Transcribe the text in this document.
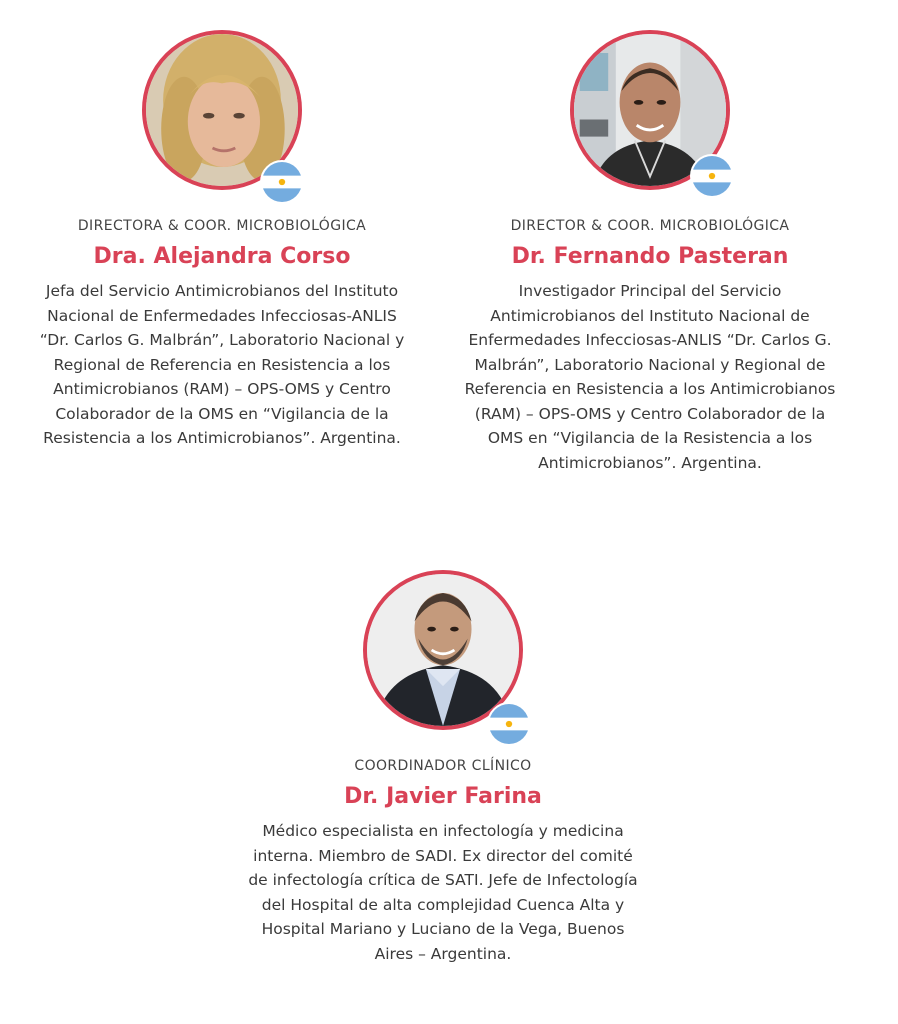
DIRECTORA & COOR. MICROBIOLÓGICA
Dra. Alejandra Corso
Jefa del Servicio Antimicrobianos del Instituto Nacional de Enfermedades Infecciosas-ANLIS “Dr. Carlos G. Malbrán”, Laboratorio Nacional y Regional de Referencia en Resistencia a los Antimicrobianos (RAM) – OPS-OMS y Centro Colaborador de la OMS en “Vigilancia de la Resistencia a los Antimicrobianos”. Argentina.
DIRECTOR & COOR. MICROBIOLÓGICA
Dr. Fernando Pasteran
Investigador Principal del Servicio Antimicrobianos del Instituto Nacional de Enfermedades Infecciosas-ANLIS “Dr. Carlos G. Malbrán”, Laboratorio Nacional y Regional de Referencia en Resistencia a los Antimicrobianos (RAM) – OPS-OMS y Centro Colaborador de la OMS en “Vigilancia de la Resistencia a los Antimicrobianos”. Argentina.
COORDINADOR CLÍNICO
Dr. Javier Farina
Médico especialista en infectología y medicina interna. Miembro de SADI. Ex director del comité de infectología crítica de SATI. Jefe de Infectología del Hospital de alta complejidad Cuenca Alta y Hospital Mariano y Luciano de la Vega, Buenos Aires – Argentina.
